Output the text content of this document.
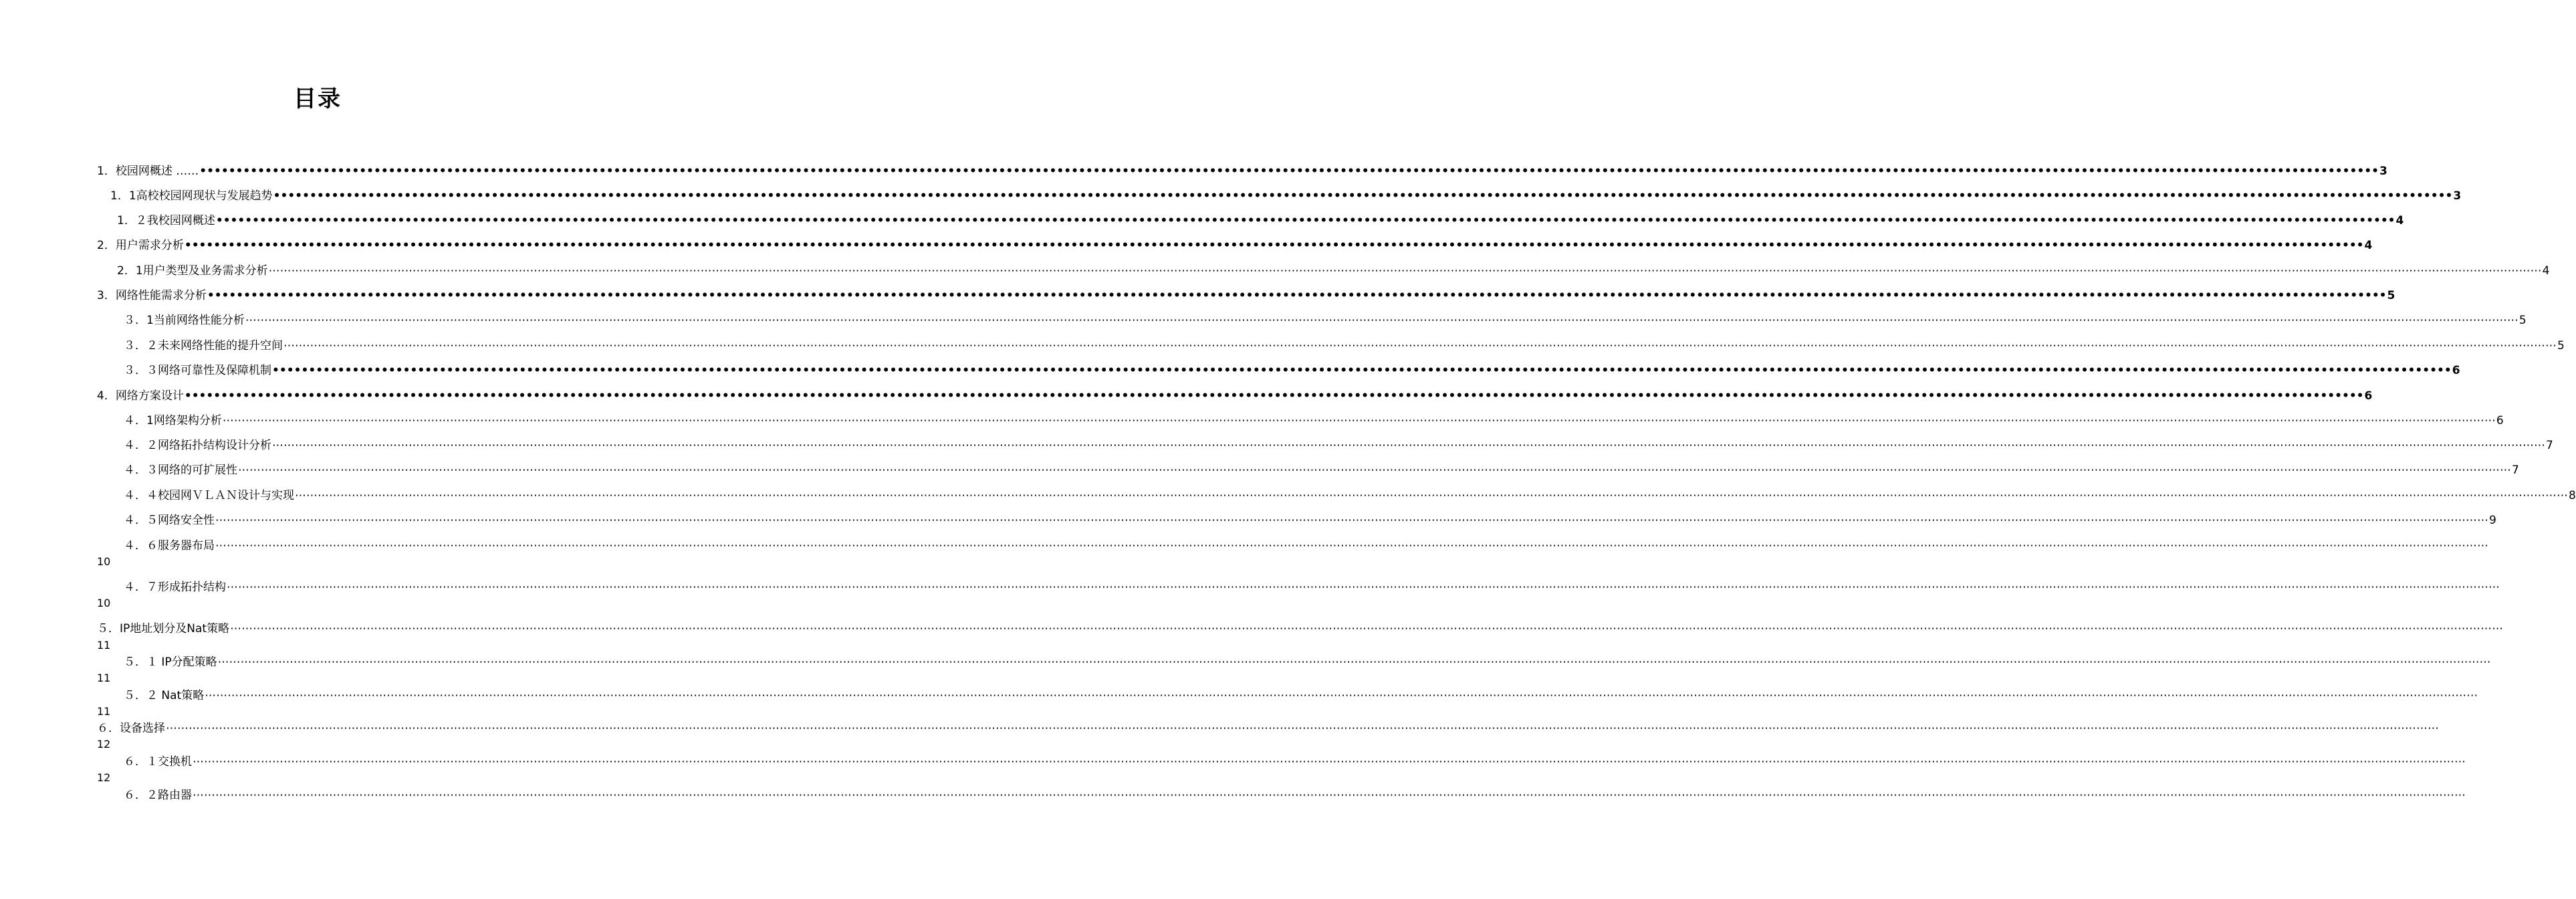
目录
1．校园网概述 …… •••••••••••••••••••••••••••••••••••••••••••••••••••••••••••••••••••••••••••••••••••••••••••••••••••••••••••••••••••••••••••••••••••••••••••••••••••••••••••••••••••••••••••••••••••••••••••••••••••••••••••••••••••••••••••••••••••••••••••••••••••••••••••••••••••••••••••••••••••••••••••••••••••••••••••• 3
1．1高校校园网现状与发展趋势 •••••••••••••••••••••••••••••••••••••••••••••••••••••••••••••••••••••••••••••••••••••••••••••••••••••••••••••••••••••••••••••••••••••••••••••••••••••••••••••••••••••••••••••••••••••••••••••••••••••••••••••••••••••••••••••••••••••••••••••••••••••••••••••••••••••••••••••••••••••••••••••••••••••••••••• 3
1．２我校园网概述 •••••••••••••••••••••••••••••••••••••••••••••••••••••••••••••••••••••••••••••••••••••••••••••••••••••••••••••••••••••••••••••••••••••••••••••••••••••••••••••••••••••••••••••••••••••••••••••••••••••••••••••••••••••••••••••••••••••••••••••••••••••••••••••••••••••••••••••••••••••••••••••••••••••••••••• 4
2．用户需求分析 •••••••••••••••••••••••••••••••••••••••••••••••••••••••••••••••••••••••••••••••••••••••••••••••••••••••••••••••••••••••••••••••••••••••••••••••••••••••••••••••••••••••••••••••••••••••••••••••••••••••••••••••••••••••••••••••••••••••••••••••••••••••••••••••••••••••••••••••••••••••••••••••••••••••••••• 4
2．1用户类型及业务需求分析 ⋯⋯⋯⋯⋯⋯⋯⋯⋯⋯⋯⋯⋯⋯⋯⋯⋯⋯⋯⋯⋯⋯⋯⋯⋯⋯⋯⋯⋯⋯⋯⋯⋯⋯⋯⋯⋯⋯⋯⋯⋯⋯⋯⋯⋯⋯⋯⋯⋯⋯⋯⋯⋯⋯⋯⋯⋯⋯⋯⋯⋯⋯⋯⋯⋯⋯⋯⋯⋯⋯⋯⋯⋯⋯⋯⋯⋯⋯⋯⋯⋯⋯⋯⋯⋯⋯⋯⋯⋯⋯⋯⋯⋯⋯⋯⋯⋯⋯⋯⋯⋯⋯⋯⋯⋯⋯⋯⋯⋯⋯⋯⋯⋯⋯⋯⋯⋯⋯⋯⋯⋯⋯⋯⋯⋯⋯⋯⋯⋯⋯⋯⋯⋯⋯⋯⋯⋯⋯⋯⋯⋯⋯⋯⋯⋯⋯⋯⋯⋯⋯⋯⋯⋯⋯⋯⋯⋯⋯⋯⋯⋯⋯⋯⋯⋯⋯⋯⋯⋯⋯⋯⋯⋯⋯⋯⋯⋯⋯⋯⋯⋯⋯⋯⋯⋯⋯⋯⋯⋯⋯⋯⋯⋯⋯⋯⋯⋯⋯⋯⋯ 4
3．网络性能需求分析 •••••••••••••••••••••••••••••••••••••••••••••••••••••••••••••••••••••••••••••••••••••••••••••••••••••••••••••••••••••••••••••••••••••••••••••••••••••••••••••••••••••••••••••••••••••••••••••••••••••••••••••••••••••••••••••••••••••••••••••••••••••••••••••••••••••••••••••••••••••••••••••••••••••••••••• 5
３．1当前网络性能分析 ⋯⋯⋯⋯⋯⋯⋯⋯⋯⋯⋯⋯⋯⋯⋯⋯⋯⋯⋯⋯⋯⋯⋯⋯⋯⋯⋯⋯⋯⋯⋯⋯⋯⋯⋯⋯⋯⋯⋯⋯⋯⋯⋯⋯⋯⋯⋯⋯⋯⋯⋯⋯⋯⋯⋯⋯⋯⋯⋯⋯⋯⋯⋯⋯⋯⋯⋯⋯⋯⋯⋯⋯⋯⋯⋯⋯⋯⋯⋯⋯⋯⋯⋯⋯⋯⋯⋯⋯⋯⋯⋯⋯⋯⋯⋯⋯⋯⋯⋯⋯⋯⋯⋯⋯⋯⋯⋯⋯⋯⋯⋯⋯⋯⋯⋯⋯⋯⋯⋯⋯⋯⋯⋯⋯⋯⋯⋯⋯⋯⋯⋯⋯⋯⋯⋯⋯⋯⋯⋯⋯⋯⋯⋯⋯⋯⋯⋯⋯⋯⋯⋯⋯⋯⋯⋯⋯⋯⋯⋯⋯⋯⋯⋯⋯⋯⋯⋯⋯⋯⋯⋯⋯⋯⋯⋯⋯⋯⋯⋯⋯⋯⋯⋯⋯⋯⋯⋯⋯⋯⋯⋯⋯⋯⋯⋯⋯⋯⋯⋯⋯ 5
３．２未来网络性能的提升空间 ⋯⋯⋯⋯⋯⋯⋯⋯⋯⋯⋯⋯⋯⋯⋯⋯⋯⋯⋯⋯⋯⋯⋯⋯⋯⋯⋯⋯⋯⋯⋯⋯⋯⋯⋯⋯⋯⋯⋯⋯⋯⋯⋯⋯⋯⋯⋯⋯⋯⋯⋯⋯⋯⋯⋯⋯⋯⋯⋯⋯⋯⋯⋯⋯⋯⋯⋯⋯⋯⋯⋯⋯⋯⋯⋯⋯⋯⋯⋯⋯⋯⋯⋯⋯⋯⋯⋯⋯⋯⋯⋯⋯⋯⋯⋯⋯⋯⋯⋯⋯⋯⋯⋯⋯⋯⋯⋯⋯⋯⋯⋯⋯⋯⋯⋯⋯⋯⋯⋯⋯⋯⋯⋯⋯⋯⋯⋯⋯⋯⋯⋯⋯⋯⋯⋯⋯⋯⋯⋯⋯⋯⋯⋯⋯⋯⋯⋯⋯⋯⋯⋯⋯⋯⋯⋯⋯⋯⋯⋯⋯⋯⋯⋯⋯⋯⋯⋯⋯⋯⋯⋯⋯⋯⋯⋯⋯⋯⋯⋯⋯⋯⋯⋯⋯⋯⋯⋯⋯⋯⋯⋯⋯⋯⋯⋯⋯⋯⋯⋯⋯ 5
３．３网络可靠性及保障机制 •••••••••••••••••••••••••••••••••••••••••••••••••••••••••••••••••••••••••••••••••••••••••••••••••••••••••••••••••••••••••••••••••••••••••••••••••••••••••••••••••••••••••••••••••••••••••••••••••••••••••••••••••••••••••••••••••••••••••••••••••••••••••••••••••••••••••••••••••••••••••••••••••••••••••••• 6
4．网络方案设计 •••••••••••••••••••••••••••••••••••••••••••••••••••••••••••••••••••••••••••••••••••••••••••••••••••••••••••••••••••••••••••••••••••••••••••••••••••••••••••••••••••••••••••••••••••••••••••••••••••••••••••••••••••••••••••••••••••••••••••••••••••••••••••••••••••••••••••••••••••••••••••••••••••••••••••• 6
４．1网络架构分析 ⋯⋯⋯⋯⋯⋯⋯⋯⋯⋯⋯⋯⋯⋯⋯⋯⋯⋯⋯⋯⋯⋯⋯⋯⋯⋯⋯⋯⋯⋯⋯⋯⋯⋯⋯⋯⋯⋯⋯⋯⋯⋯⋯⋯⋯⋯⋯⋯⋯⋯⋯⋯⋯⋯⋯⋯⋯⋯⋯⋯⋯⋯⋯⋯⋯⋯⋯⋯⋯⋯⋯⋯⋯⋯⋯⋯⋯⋯⋯⋯⋯⋯⋯⋯⋯⋯⋯⋯⋯⋯⋯⋯⋯⋯⋯⋯⋯⋯⋯⋯⋯⋯⋯⋯⋯⋯⋯⋯⋯⋯⋯⋯⋯⋯⋯⋯⋯⋯⋯⋯⋯⋯⋯⋯⋯⋯⋯⋯⋯⋯⋯⋯⋯⋯⋯⋯⋯⋯⋯⋯⋯⋯⋯⋯⋯⋯⋯⋯⋯⋯⋯⋯⋯⋯⋯⋯⋯⋯⋯⋯⋯⋯⋯⋯⋯⋯⋯⋯⋯⋯⋯⋯⋯⋯⋯⋯⋯⋯⋯⋯⋯⋯⋯⋯⋯⋯⋯⋯⋯⋯⋯⋯⋯⋯⋯⋯⋯⋯⋯⋯ 6
４．２网络拓扑结构设计分析 ⋯⋯⋯⋯⋯⋯⋯⋯⋯⋯⋯⋯⋯⋯⋯⋯⋯⋯⋯⋯⋯⋯⋯⋯⋯⋯⋯⋯⋯⋯⋯⋯⋯⋯⋯⋯⋯⋯⋯⋯⋯⋯⋯⋯⋯⋯⋯⋯⋯⋯⋯⋯⋯⋯⋯⋯⋯⋯⋯⋯⋯⋯⋯⋯⋯⋯⋯⋯⋯⋯⋯⋯⋯⋯⋯⋯⋯⋯⋯⋯⋯⋯⋯⋯⋯⋯⋯⋯⋯⋯⋯⋯⋯⋯⋯⋯⋯⋯⋯⋯⋯⋯⋯⋯⋯⋯⋯⋯⋯⋯⋯⋯⋯⋯⋯⋯⋯⋯⋯⋯⋯⋯⋯⋯⋯⋯⋯⋯⋯⋯⋯⋯⋯⋯⋯⋯⋯⋯⋯⋯⋯⋯⋯⋯⋯⋯⋯⋯⋯⋯⋯⋯⋯⋯⋯⋯⋯⋯⋯⋯⋯⋯⋯⋯⋯⋯⋯⋯⋯⋯⋯⋯⋯⋯⋯⋯⋯⋯⋯⋯⋯⋯⋯⋯⋯⋯⋯⋯⋯⋯⋯⋯⋯⋯⋯⋯⋯⋯⋯⋯ 7
４．３网络的可扩展性 ⋯⋯⋯⋯⋯⋯⋯⋯⋯⋯⋯⋯⋯⋯⋯⋯⋯⋯⋯⋯⋯⋯⋯⋯⋯⋯⋯⋯⋯⋯⋯⋯⋯⋯⋯⋯⋯⋯⋯⋯⋯⋯⋯⋯⋯⋯⋯⋯⋯⋯⋯⋯⋯⋯⋯⋯⋯⋯⋯⋯⋯⋯⋯⋯⋯⋯⋯⋯⋯⋯⋯⋯⋯⋯⋯⋯⋯⋯⋯⋯⋯⋯⋯⋯⋯⋯⋯⋯⋯⋯⋯⋯⋯⋯⋯⋯⋯⋯⋯⋯⋯⋯⋯⋯⋯⋯⋯⋯⋯⋯⋯⋯⋯⋯⋯⋯⋯⋯⋯⋯⋯⋯⋯⋯⋯⋯⋯⋯⋯⋯⋯⋯⋯⋯⋯⋯⋯⋯⋯⋯⋯⋯⋯⋯⋯⋯⋯⋯⋯⋯⋯⋯⋯⋯⋯⋯⋯⋯⋯⋯⋯⋯⋯⋯⋯⋯⋯⋯⋯⋯⋯⋯⋯⋯⋯⋯⋯⋯⋯⋯⋯⋯⋯⋯⋯⋯⋯⋯⋯⋯⋯⋯⋯⋯⋯⋯⋯⋯⋯⋯ 7
４．４校园网ＶＬＡＮ设计与实现 ⋯⋯⋯⋯⋯⋯⋯⋯⋯⋯⋯⋯⋯⋯⋯⋯⋯⋯⋯⋯⋯⋯⋯⋯⋯⋯⋯⋯⋯⋯⋯⋯⋯⋯⋯⋯⋯⋯⋯⋯⋯⋯⋯⋯⋯⋯⋯⋯⋯⋯⋯⋯⋯⋯⋯⋯⋯⋯⋯⋯⋯⋯⋯⋯⋯⋯⋯⋯⋯⋯⋯⋯⋯⋯⋯⋯⋯⋯⋯⋯⋯⋯⋯⋯⋯⋯⋯⋯⋯⋯⋯⋯⋯⋯⋯⋯⋯⋯⋯⋯⋯⋯⋯⋯⋯⋯⋯⋯⋯⋯⋯⋯⋯⋯⋯⋯⋯⋯⋯⋯⋯⋯⋯⋯⋯⋯⋯⋯⋯⋯⋯⋯⋯⋯⋯⋯⋯⋯⋯⋯⋯⋯⋯⋯⋯⋯⋯⋯⋯⋯⋯⋯⋯⋯⋯⋯⋯⋯⋯⋯⋯⋯⋯⋯⋯⋯⋯⋯⋯⋯⋯⋯⋯⋯⋯⋯⋯⋯⋯⋯⋯⋯⋯⋯⋯⋯⋯⋯⋯⋯⋯⋯⋯⋯⋯⋯⋯⋯⋯⋯ 8
４．５网络安全性 ⋯⋯⋯⋯⋯⋯⋯⋯⋯⋯⋯⋯⋯⋯⋯⋯⋯⋯⋯⋯⋯⋯⋯⋯⋯⋯⋯⋯⋯⋯⋯⋯⋯⋯⋯⋯⋯⋯⋯⋯⋯⋯⋯⋯⋯⋯⋯⋯⋯⋯⋯⋯⋯⋯⋯⋯⋯⋯⋯⋯⋯⋯⋯⋯⋯⋯⋯⋯⋯⋯⋯⋯⋯⋯⋯⋯⋯⋯⋯⋯⋯⋯⋯⋯⋯⋯⋯⋯⋯⋯⋯⋯⋯⋯⋯⋯⋯⋯⋯⋯⋯⋯⋯⋯⋯⋯⋯⋯⋯⋯⋯⋯⋯⋯⋯⋯⋯⋯⋯⋯⋯⋯⋯⋯⋯⋯⋯⋯⋯⋯⋯⋯⋯⋯⋯⋯⋯⋯⋯⋯⋯⋯⋯⋯⋯⋯⋯⋯⋯⋯⋯⋯⋯⋯⋯⋯⋯⋯⋯⋯⋯⋯⋯⋯⋯⋯⋯⋯⋯⋯⋯⋯⋯⋯⋯⋯⋯⋯⋯⋯⋯⋯⋯⋯⋯⋯⋯⋯⋯⋯⋯⋯⋯⋯⋯⋯⋯⋯⋯⋯ 9
４．６服务器布局 ⋯⋯⋯⋯⋯⋯⋯⋯⋯⋯⋯⋯⋯⋯⋯⋯⋯⋯⋯⋯⋯⋯⋯⋯⋯⋯⋯⋯⋯⋯⋯⋯⋯⋯⋯⋯⋯⋯⋯⋯⋯⋯⋯⋯⋯⋯⋯⋯⋯⋯⋯⋯⋯⋯⋯⋯⋯⋯⋯⋯⋯⋯⋯⋯⋯⋯⋯⋯⋯⋯⋯⋯⋯⋯⋯⋯⋯⋯⋯⋯⋯⋯⋯⋯⋯⋯⋯⋯⋯⋯⋯⋯⋯⋯⋯⋯⋯⋯⋯⋯⋯⋯⋯⋯⋯⋯⋯⋯⋯⋯⋯⋯⋯⋯⋯⋯⋯⋯⋯⋯⋯⋯⋯⋯⋯⋯⋯⋯⋯⋯⋯⋯⋯⋯⋯⋯⋯⋯⋯⋯⋯⋯⋯⋯⋯⋯⋯⋯⋯⋯⋯⋯⋯⋯⋯⋯⋯⋯⋯⋯⋯⋯⋯⋯⋯⋯⋯⋯⋯⋯⋯⋯⋯⋯⋯⋯⋯⋯⋯⋯⋯⋯⋯⋯⋯⋯⋯⋯⋯⋯⋯⋯⋯⋯⋯⋯⋯⋯⋯⋯
10
４．７形成拓扑结构 ⋯⋯⋯⋯⋯⋯⋯⋯⋯⋯⋯⋯⋯⋯⋯⋯⋯⋯⋯⋯⋯⋯⋯⋯⋯⋯⋯⋯⋯⋯⋯⋯⋯⋯⋯⋯⋯⋯⋯⋯⋯⋯⋯⋯⋯⋯⋯⋯⋯⋯⋯⋯⋯⋯⋯⋯⋯⋯⋯⋯⋯⋯⋯⋯⋯⋯⋯⋯⋯⋯⋯⋯⋯⋯⋯⋯⋯⋯⋯⋯⋯⋯⋯⋯⋯⋯⋯⋯⋯⋯⋯⋯⋯⋯⋯⋯⋯⋯⋯⋯⋯⋯⋯⋯⋯⋯⋯⋯⋯⋯⋯⋯⋯⋯⋯⋯⋯⋯⋯⋯⋯⋯⋯⋯⋯⋯⋯⋯⋯⋯⋯⋯⋯⋯⋯⋯⋯⋯⋯⋯⋯⋯⋯⋯⋯⋯⋯⋯⋯⋯⋯⋯⋯⋯⋯⋯⋯⋯⋯⋯⋯⋯⋯⋯⋯⋯⋯⋯⋯⋯⋯⋯⋯⋯⋯⋯⋯⋯⋯⋯⋯⋯⋯⋯⋯⋯⋯⋯⋯⋯⋯⋯⋯⋯⋯⋯⋯⋯⋯⋯
10
５．IP地址划分及Nat策略 ⋯⋯⋯⋯⋯⋯⋯⋯⋯⋯⋯⋯⋯⋯⋯⋯⋯⋯⋯⋯⋯⋯⋯⋯⋯⋯⋯⋯⋯⋯⋯⋯⋯⋯⋯⋯⋯⋯⋯⋯⋯⋯⋯⋯⋯⋯⋯⋯⋯⋯⋯⋯⋯⋯⋯⋯⋯⋯⋯⋯⋯⋯⋯⋯⋯⋯⋯⋯⋯⋯⋯⋯⋯⋯⋯⋯⋯⋯⋯⋯⋯⋯⋯⋯⋯⋯⋯⋯⋯⋯⋯⋯⋯⋯⋯⋯⋯⋯⋯⋯⋯⋯⋯⋯⋯⋯⋯⋯⋯⋯⋯⋯⋯⋯⋯⋯⋯⋯⋯⋯⋯⋯⋯⋯⋯⋯⋯⋯⋯⋯⋯⋯⋯⋯⋯⋯⋯⋯⋯⋯⋯⋯⋯⋯⋯⋯⋯⋯⋯⋯⋯⋯⋯⋯⋯⋯⋯⋯⋯⋯⋯⋯⋯⋯⋯⋯⋯⋯⋯⋯⋯⋯⋯⋯⋯⋯⋯⋯⋯⋯⋯⋯⋯⋯⋯⋯⋯⋯⋯⋯⋯⋯⋯⋯⋯⋯⋯⋯⋯⋯
11
５．１ IP分配策略 ⋯⋯⋯⋯⋯⋯⋯⋯⋯⋯⋯⋯⋯⋯⋯⋯⋯⋯⋯⋯⋯⋯⋯⋯⋯⋯⋯⋯⋯⋯⋯⋯⋯⋯⋯⋯⋯⋯⋯⋯⋯⋯⋯⋯⋯⋯⋯⋯⋯⋯⋯⋯⋯⋯⋯⋯⋯⋯⋯⋯⋯⋯⋯⋯⋯⋯⋯⋯⋯⋯⋯⋯⋯⋯⋯⋯⋯⋯⋯⋯⋯⋯⋯⋯⋯⋯⋯⋯⋯⋯⋯⋯⋯⋯⋯⋯⋯⋯⋯⋯⋯⋯⋯⋯⋯⋯⋯⋯⋯⋯⋯⋯⋯⋯⋯⋯⋯⋯⋯⋯⋯⋯⋯⋯⋯⋯⋯⋯⋯⋯⋯⋯⋯⋯⋯⋯⋯⋯⋯⋯⋯⋯⋯⋯⋯⋯⋯⋯⋯⋯⋯⋯⋯⋯⋯⋯⋯⋯⋯⋯⋯⋯⋯⋯⋯⋯⋯⋯⋯⋯⋯⋯⋯⋯⋯⋯⋯⋯⋯⋯⋯⋯⋯⋯⋯⋯⋯⋯⋯⋯⋯⋯⋯⋯⋯⋯⋯⋯⋯⋯
11
５．２ Nat策略 ⋯⋯⋯⋯⋯⋯⋯⋯⋯⋯⋯⋯⋯⋯⋯⋯⋯⋯⋯⋯⋯⋯⋯⋯⋯⋯⋯⋯⋯⋯⋯⋯⋯⋯⋯⋯⋯⋯⋯⋯⋯⋯⋯⋯⋯⋯⋯⋯⋯⋯⋯⋯⋯⋯⋯⋯⋯⋯⋯⋯⋯⋯⋯⋯⋯⋯⋯⋯⋯⋯⋯⋯⋯⋯⋯⋯⋯⋯⋯⋯⋯⋯⋯⋯⋯⋯⋯⋯⋯⋯⋯⋯⋯⋯⋯⋯⋯⋯⋯⋯⋯⋯⋯⋯⋯⋯⋯⋯⋯⋯⋯⋯⋯⋯⋯⋯⋯⋯⋯⋯⋯⋯⋯⋯⋯⋯⋯⋯⋯⋯⋯⋯⋯⋯⋯⋯⋯⋯⋯⋯⋯⋯⋯⋯⋯⋯⋯⋯⋯⋯⋯⋯⋯⋯⋯⋯⋯⋯⋯⋯⋯⋯⋯⋯⋯⋯⋯⋯⋯⋯⋯⋯⋯⋯⋯⋯⋯⋯⋯⋯⋯⋯⋯⋯⋯⋯⋯⋯⋯⋯⋯⋯⋯⋯⋯⋯⋯⋯⋯⋯
11
６．设备选择 ⋯⋯⋯⋯⋯⋯⋯⋯⋯⋯⋯⋯⋯⋯⋯⋯⋯⋯⋯⋯⋯⋯⋯⋯⋯⋯⋯⋯⋯⋯⋯⋯⋯⋯⋯⋯⋯⋯⋯⋯⋯⋯⋯⋯⋯⋯⋯⋯⋯⋯⋯⋯⋯⋯⋯⋯⋯⋯⋯⋯⋯⋯⋯⋯⋯⋯⋯⋯⋯⋯⋯⋯⋯⋯⋯⋯⋯⋯⋯⋯⋯⋯⋯⋯⋯⋯⋯⋯⋯⋯⋯⋯⋯⋯⋯⋯⋯⋯⋯⋯⋯⋯⋯⋯⋯⋯⋯⋯⋯⋯⋯⋯⋯⋯⋯⋯⋯⋯⋯⋯⋯⋯⋯⋯⋯⋯⋯⋯⋯⋯⋯⋯⋯⋯⋯⋯⋯⋯⋯⋯⋯⋯⋯⋯⋯⋯⋯⋯⋯⋯⋯⋯⋯⋯⋯⋯⋯⋯⋯⋯⋯⋯⋯⋯⋯⋯⋯⋯⋯⋯⋯⋯⋯⋯⋯⋯⋯⋯⋯⋯⋯⋯⋯⋯⋯⋯⋯⋯⋯⋯⋯⋯⋯⋯⋯⋯⋯⋯⋯⋯
12
６．１交换机 ⋯⋯⋯⋯⋯⋯⋯⋯⋯⋯⋯⋯⋯⋯⋯⋯⋯⋯⋯⋯⋯⋯⋯⋯⋯⋯⋯⋯⋯⋯⋯⋯⋯⋯⋯⋯⋯⋯⋯⋯⋯⋯⋯⋯⋯⋯⋯⋯⋯⋯⋯⋯⋯⋯⋯⋯⋯⋯⋯⋯⋯⋯⋯⋯⋯⋯⋯⋯⋯⋯⋯⋯⋯⋯⋯⋯⋯⋯⋯⋯⋯⋯⋯⋯⋯⋯⋯⋯⋯⋯⋯⋯⋯⋯⋯⋯⋯⋯⋯⋯⋯⋯⋯⋯⋯⋯⋯⋯⋯⋯⋯⋯⋯⋯⋯⋯⋯⋯⋯⋯⋯⋯⋯⋯⋯⋯⋯⋯⋯⋯⋯⋯⋯⋯⋯⋯⋯⋯⋯⋯⋯⋯⋯⋯⋯⋯⋯⋯⋯⋯⋯⋯⋯⋯⋯⋯⋯⋯⋯⋯⋯⋯⋯⋯⋯⋯⋯⋯⋯⋯⋯⋯⋯⋯⋯⋯⋯⋯⋯⋯⋯⋯⋯⋯⋯⋯⋯⋯⋯⋯⋯⋯⋯⋯⋯⋯⋯⋯⋯⋯
12
６．２路由器 ⋯⋯⋯⋯⋯⋯⋯⋯⋯⋯⋯⋯⋯⋯⋯⋯⋯⋯⋯⋯⋯⋯⋯⋯⋯⋯⋯⋯⋯⋯⋯⋯⋯⋯⋯⋯⋯⋯⋯⋯⋯⋯⋯⋯⋯⋯⋯⋯⋯⋯⋯⋯⋯⋯⋯⋯⋯⋯⋯⋯⋯⋯⋯⋯⋯⋯⋯⋯⋯⋯⋯⋯⋯⋯⋯⋯⋯⋯⋯⋯⋯⋯⋯⋯⋯⋯⋯⋯⋯⋯⋯⋯⋯⋯⋯⋯⋯⋯⋯⋯⋯⋯⋯⋯⋯⋯⋯⋯⋯⋯⋯⋯⋯⋯⋯⋯⋯⋯⋯⋯⋯⋯⋯⋯⋯⋯⋯⋯⋯⋯⋯⋯⋯⋯⋯⋯⋯⋯⋯⋯⋯⋯⋯⋯⋯⋯⋯⋯⋯⋯⋯⋯⋯⋯⋯⋯⋯⋯⋯⋯⋯⋯⋯⋯⋯⋯⋯⋯⋯⋯⋯⋯⋯⋯⋯⋯⋯⋯⋯⋯⋯⋯⋯⋯⋯⋯⋯⋯⋯⋯⋯⋯⋯⋯⋯⋯⋯⋯⋯⋯
